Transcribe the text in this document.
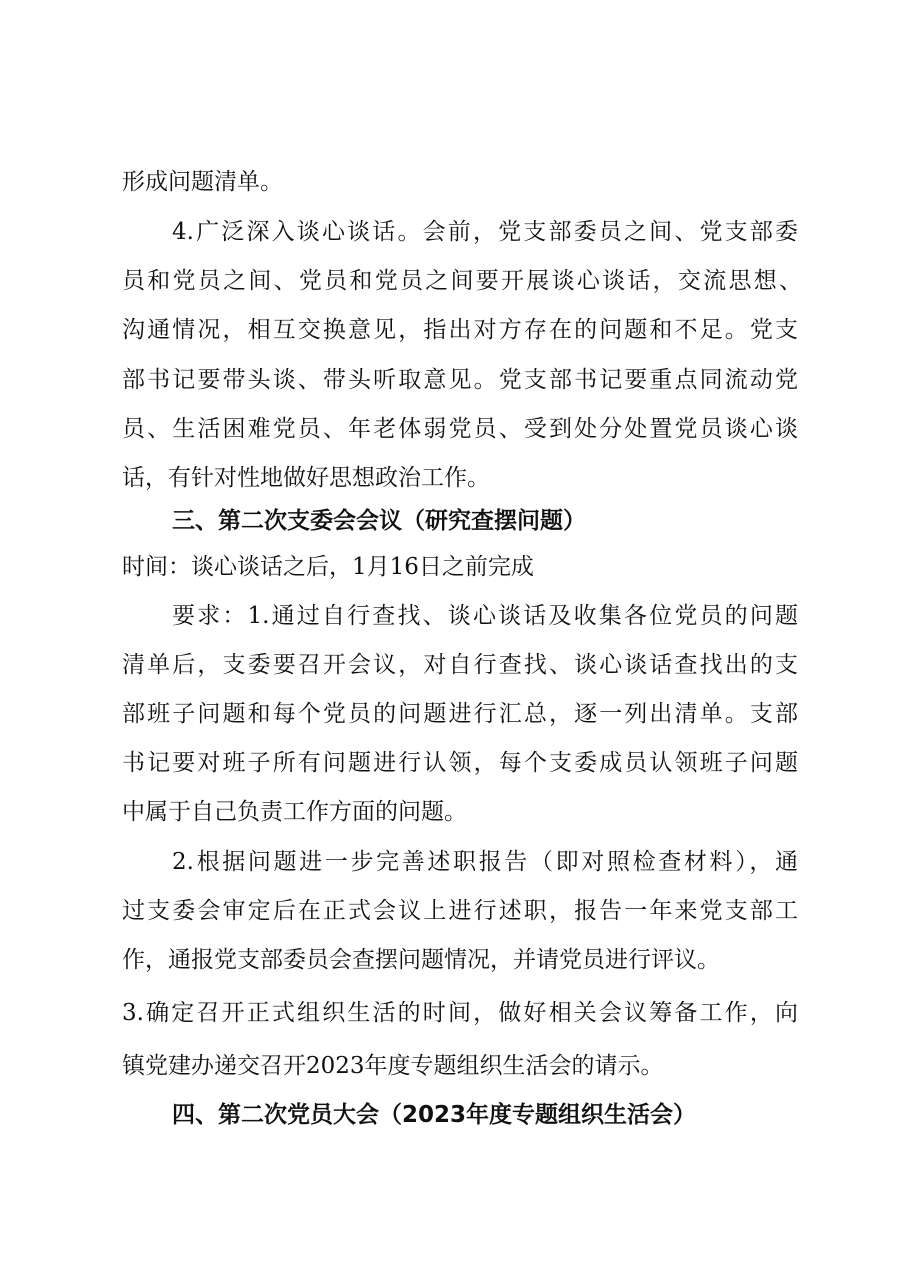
形成问题清单。
4.广泛深入谈心谈话。会前，党支部委员之间、党支部委
员和党员之间、党员和党员之间要开展谈心谈话，交流思想、
沟通情况，相互交换意见，指出对方存在的问题和不足。党支
部书记要带头谈、带头听取意见。党支部书记要重点同流动党
员、生活困难党员、年老体弱党员、受到处分处置党员谈心谈
话，有针对性地做好思想政治工作。
三、第二次支委会会议（研究查摆问题）
时间：谈心谈话之后，1月16日之前完成
要求：1.通过自行查找、谈心谈话及收集各位党员的问题
清单后，支委要召开会议，对自行查找、谈心谈话查找出的支
部班子问题和每个党员的问题进行汇总，逐一列出清单。支部
书记要对班子所有问题进行认领，每个支委成员认领班子问题
中属于自己负责工作方面的问题。
2.根据问题进一步完善述职报告（即对照检查材料），通
过支委会审定后在正式会议上进行述职，报告一年来党支部工
作，通报党支部委员会查摆问题情况，并请党员进行评议。
3.确定召开正式组织生活的时间，做好相关会议筹备工作，向
镇党建办递交召开2023年度专题组织生活会的请示。
四、第二次党员大会（2023年度专题组织生活会）
